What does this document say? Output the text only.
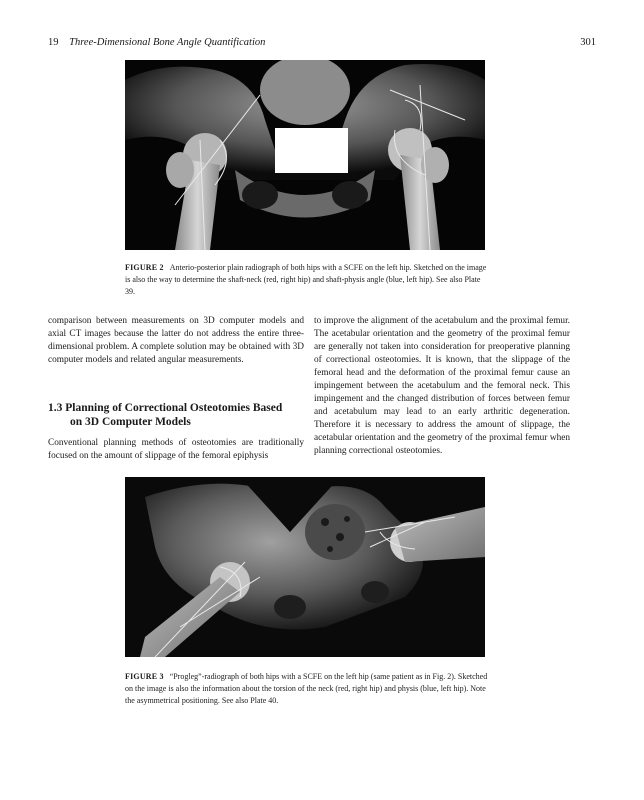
19 Three-Dimensional Bone Angle Quantification	301
FIGURE 2 Anterio-posterior plain radiograph of both hips with a SCFE on the left hip. Sketched on the image is also the way to determine the shaft-neck (red, right hip) and shaft-physis angle (blue, left hip). See also Plate 39.

comparison between measurements on 3D computer models and axial CT images because the latter do not address the entire three-dimensional problem. A complete solution may be obtained with 3D computer models and related angular measurements.

1.3 Planning of Correctional Osteotomies Based
on 3D Computer Models

Conventional planning methods of osteotomies are traditionally focused on the amount of slippage of the femoral epiphysis

to improve the alignment of the acetabulum and the proximal femur. The acetabular orientation and the geometry of the proximal femur are generally not taken into consideration for preoperative planning of correctional osteotomies. It is known, that the slippage of the femoral head and the deformation of the proximal femur cause an impingement between the acetabulum and the femoral neck. This impingement and the changed distribution of forces between femur and acetabulum may lead to an early arthritic degeneration. Therefore it is necessary to address the amount of slippage, the acetabular orientation and the geometry of the proximal femur when planning correctional osteotomies.

FIGURE 3 “Progleg”-radiograph of both hips with a SCFE on the left hip (same patient as in Fig. 2). Sketched on the image is also the information about the torsion of the neck (red, right hip) and physis (blue, left hip). Note the asymmetrical positioning. See also Plate 40.
